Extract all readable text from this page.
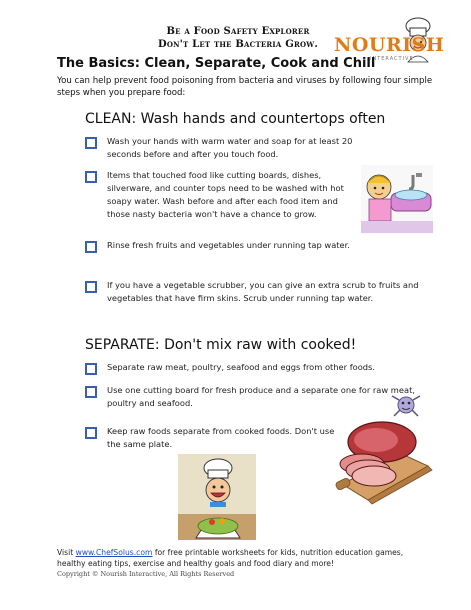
Be a Food Safety Explorer
Don't Let the Bacteria Grow. NOURISH
INTERACTIVE
The Basics: Clean, Separate, Cook and Chill
You can help prevent food poisoning from bacteria and viruses by following four simple steps when you prepare food:
CLEAN: Wash hands and countertops often
Wash your hands with warm water and soap for at least 20 seconds before and after you touch food.
Items that touched food like cutting boards, dishes, silverware, and counter tops need to be washed with hot soapy water. Wash before and after each food item and those nasty bacteria won't have a chance to grow.
Rinse fresh fruits and vegetables under running tap water.
If you have a vegetable scrubber, you can give an extra scrub to fruits and vegetables that have firm skins. Scrub under running tap water.
SEPARATE: Don't mix raw with cooked!
Separate raw meat, poultry, seafood and eggs from other foods.
Use one cutting board for fresh produce and a separate one for raw meat, poultry and seafood.
Keep raw foods separate from cooked foods. Don't use the same plate.
Visit www.ChefSolus.com for free printable worksheets for kids, nutrition education games, healthy eating tips, exercise and healthy goals and food diary and more!
Copyright © Nourish Interactive, All Rights Reserved
